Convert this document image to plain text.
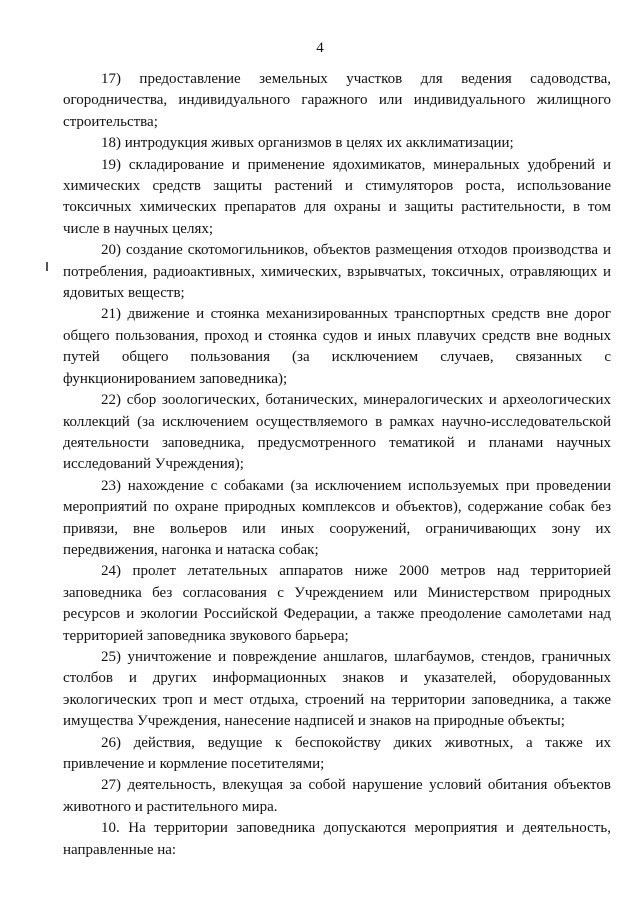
4

17) предоставление земельных участков для ведения садоводства, огородничества, индивидуального гаражного или индивидуального жилищного строительства;

18) интродукция живых организмов в целях их акклиматизации;

19) складирование и применение ядохимикатов, минеральных удобрений и химических средств защиты растений и стимуляторов роста, использование токсичных химических препаратов для охраны и защиты растительности, в том числе в научных целях;

20) создание скотомогильников, объектов размещения отходов производства и потребления, радиоактивных, химических, взрывчатых, токсичных, отравляющих и ядовитых веществ;

21) движение и стоянка механизированных транспортных средств вне дорог общего пользования, проход и стоянка судов и иных плавучих средств вне водных путей общего пользования (за исключением случаев, связанных с функционированием заповедника);

22) сбор зоологических, ботанических, минералогических и археологических коллекций (за исключением осуществляемого в рамках научно-исследовательской деятельности заповедника, предусмотренного тематикой и планами научных исследований Учреждения);

23) нахождение с собаками (за исключением используемых при проведении мероприятий по охране природных комплексов и объектов), содержание собак без привязи, вне вольеров или иных сооружений, ограничивающих зону их передвижения, нагонка и натаска собак;

24) пролет летательных аппаратов ниже 2000 метров над территорией заповедника без согласования с Учреждением или Министерством природных ресурсов и экологии Российской Федерации, а также преодоление самолетами над территорией заповедника звукового барьера;

25) уничтожение и повреждение аншлагов, шлагбаумов, стендов, граничных столбов и других информационных знаков и указателей, оборудованных экологических троп и мест отдыха, строений на территории заповедника, а также имущества Учреждения, нанесение надписей и знаков на природные объекты;

26) действия, ведущие к беспокойству диких животных, а также их привлечение и кормление посетителями;

27) деятельность, влекущая за собой нарушение условий обитания объектов животного и растительного мира.

10. На территории заповедника допускаются мероприятия и деятельность, направленные на:
